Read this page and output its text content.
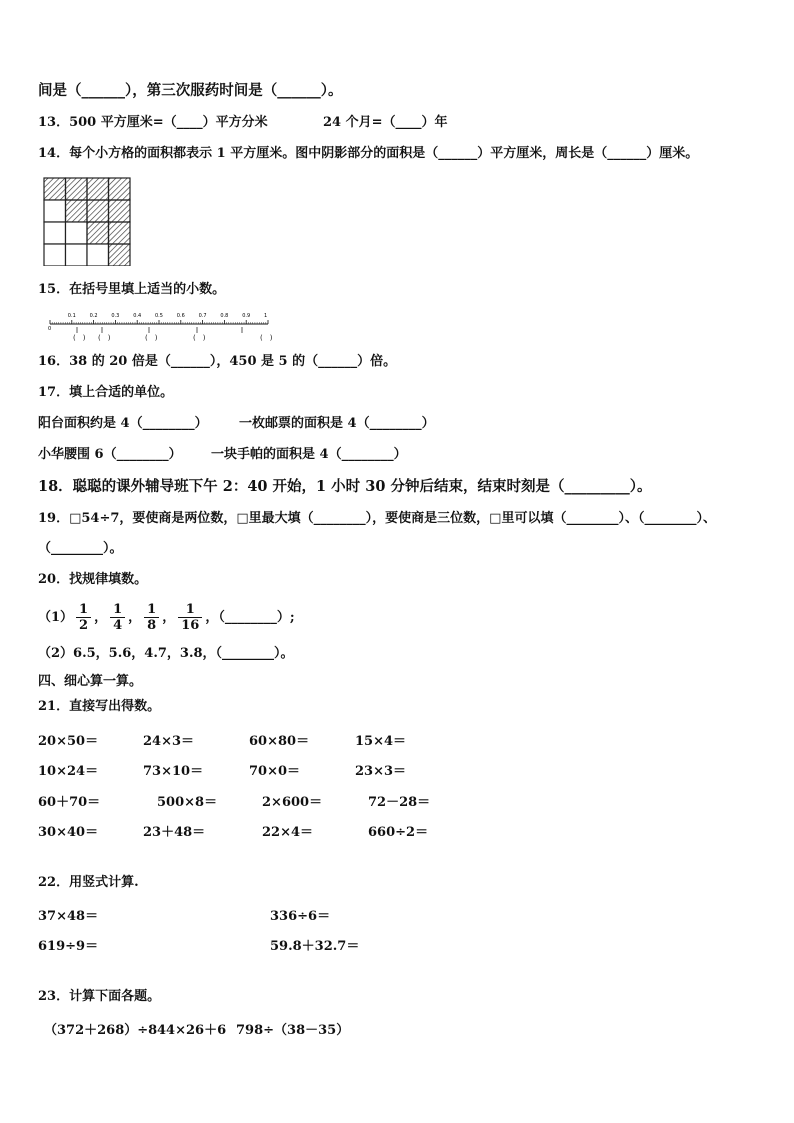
间是（______），第三次服药时间是（______）。
13．500 平方厘米=（____）平方分米	24 个月=（____）年
14．每个小方格的面积都表示 1 平方厘米。图中阴影部分的面积是（______）平方厘米，周长是（______）厘米。
15．在括号里填上适当的小数。
0
0.1	0.2	0.3	0.4	0.5	0.6	0.7	0.8	0.9	1
(　) (　)	(　)	(　)	(　)
16．38 的 20 倍是（______），450 是 5 的（______）倍。
17．填上合适的单位。
阳台面积约是 4（________） 一枚邮票的面积是 4（________）
小华腰围 6（________） 一块手帕的面积是 4（________）
18．聪聪的课外辅导班下午 2：40 开始，1 小时 30 分钟后结束，结束时刻是（_________）。
19．□54÷7，要使商是两位数，□里最大填（________），要使商是三位数，□里可以填（________）、（________）、
（________）。
20．找规律填数。
$(1) \frac{1}{2}$ ， $\frac{1}{4}$ ， $\frac{1}{8}$ ， $\frac{1}{16}$ ，（________）;
（2）6.5，5.6，4.7，3.8，（________）。
四、细心算一算。
21．直接写出得数。
20×50＝	24×3＝	60×80＝	15×4＝
10×24＝	73×10＝	70×0＝	23×3＝
60＋70＝	500×8＝	2×600＝	72－28＝
30×40＝	23＋48＝	22×4＝	660÷2＝
22．用竖式计算.
37×48＝	336÷6＝
619÷9＝	59.8＋32.7＝
23．计算下面各题。
（372＋268）÷8 44×26＋6 798÷（38－35）
